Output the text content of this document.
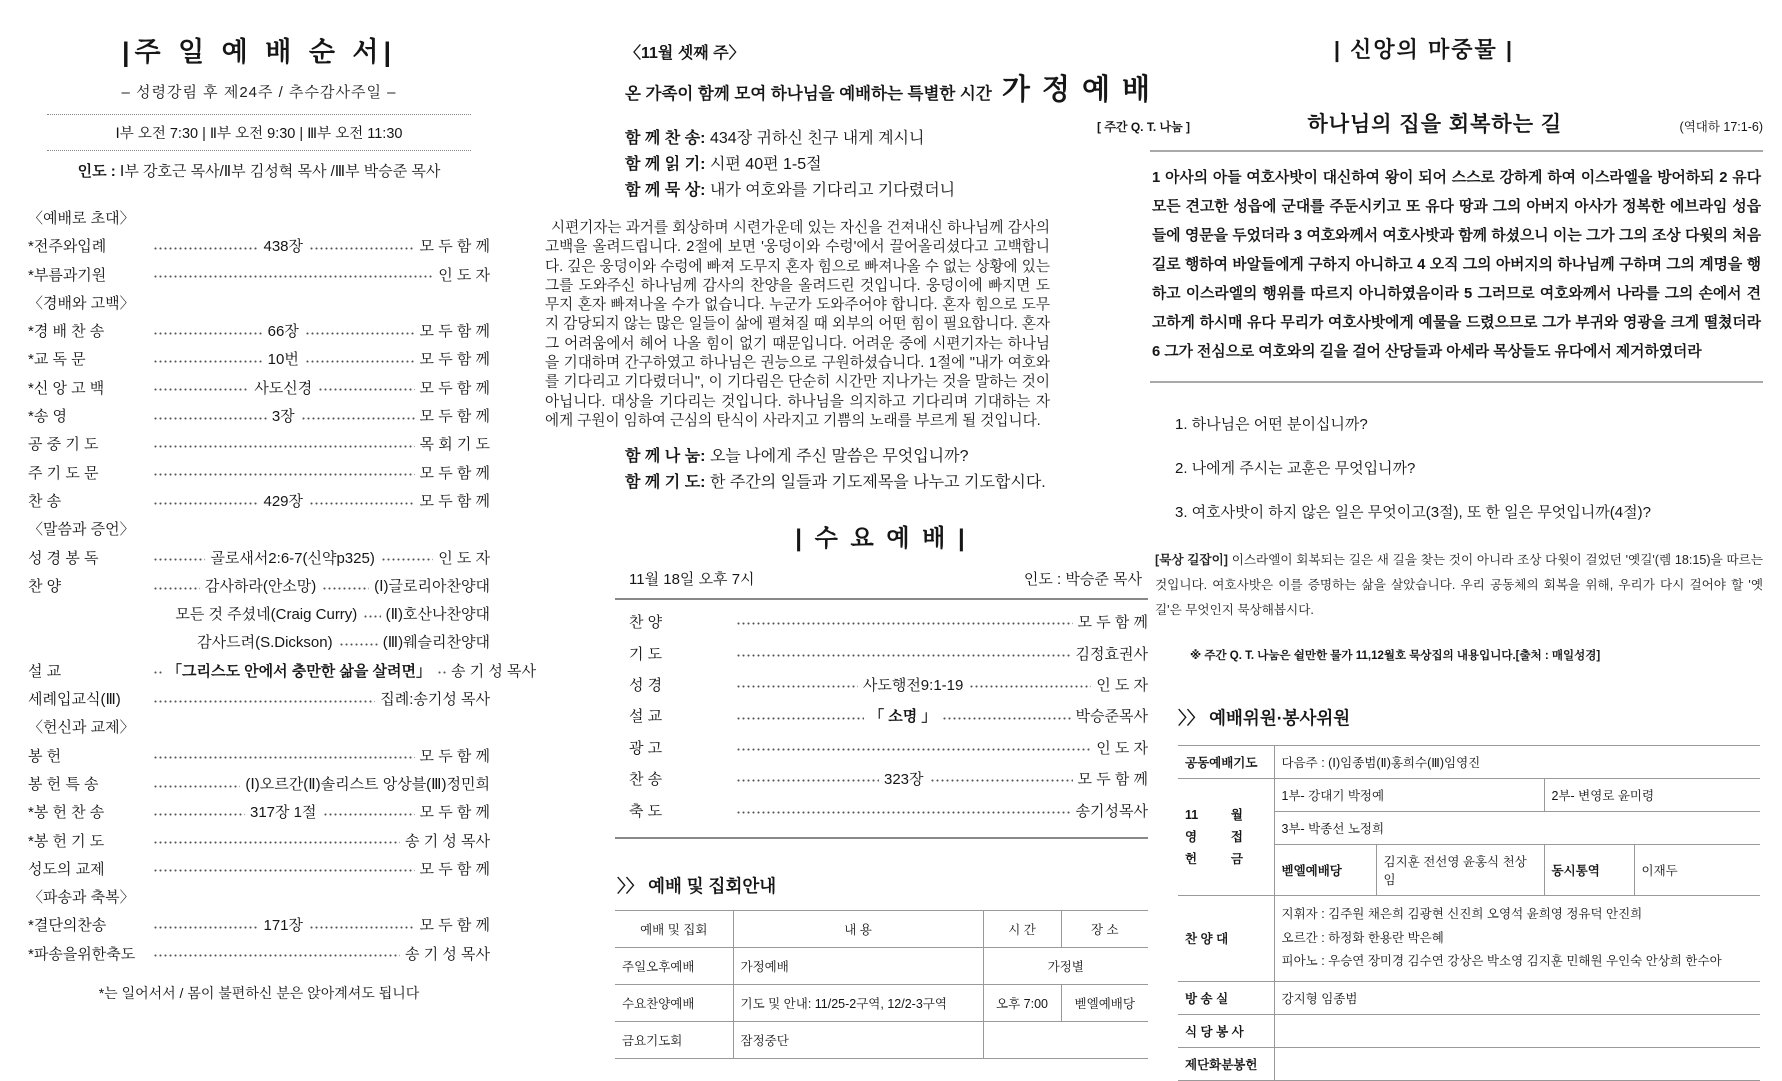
|주 일 예 배 순 서|
– 성령강림 후 제24주 / 추수감사주일 –
Ⅰ부 오전 7:30 | Ⅱ부 오전 9:30 | Ⅲ부 오전 11:30
인도 : Ⅰ부 강호근 목사/Ⅱ부 김성혁 목사 /Ⅲ부 박승준 목사
〈예배로 초대〉
*전주와입례	438장	모 두 함 께
*부름과기원	인 도 자
〈경배와 고백〉
*경 배 찬 송	66장	모 두 함 께
*교 독 문	10번	모 두 함 께
*신 앙 고 백	사도신경	모 두 함 께
*송 영	3장	모 두 함 께
공 중 기 도	목 회 기 도
주 기 도 문	모 두 함 께
찬 송	429장	모 두 함 께
〈말씀과 증언〉
성 경 봉 독	골로새서2:6-7(신약p325)	인 도 자
찬 양	감사하라(안소망)	(Ⅰ)글로리아찬양대
모든 것 주셨네(Craig Curry) (Ⅱ)호산나찬양대
감사드려(S.Dickson)	(Ⅲ)웨슬리찬양대
설 교	「그리스도 안에서 충만한 삶을 살려면」 송 기 성 목사
세례입교식(Ⅲ)	집례:송기성 목사
〈헌신과 교제〉
봉 헌	모 두 함 께
봉 헌 특 송	(Ⅰ)오르간(Ⅱ)솔리스트 앙상블(Ⅲ)정민희
*봉 헌 찬 송	317장 1절	모 두 함 께
*봉 헌 기 도	송 기 성 목사
성도의 교제	모 두 함 께
〈파송과 축복〉
*결단의찬송	171장	모 두 함 께
*파송을위한축도	송 기 성 목사
*는 일어서서 / 몸이 불편하신 분은 앉아계셔도 됩니다
〈11월 셋째 주〉
온 가족이 함께 모여 하나님을 예배하는 특별한 시간 가 정 예 배
함 께 찬 송: 434장 귀하신 친구 내게 계시니
함 께 읽 기: 시편 40편 1-5절
함 께 묵 상: 내가 여호와를 기다리고 기다렸더니
시편기자는 과거를 회상하며 시련가운데 있는 자신을 건져내신 하나님께 감사의 고백을 올려드립니다. 2절에 보면 '웅덩이와 수렁'에서 끌어올리셨다고 고백합니다. 깊은 웅덩이와 수렁에 빠져 도무지 혼자 힘으로 빠져나올 수 없는 상황에 있는 그를 도와주신 하나님께 감사의 찬양을 올려드린 것입니다. 웅덩이에 빠지면 도무지 혼자 빠져나올 수가 없습니다. 누군가 도와주어야 합니다. 혼자 힘으로 도무지 감당되지 않는 많은 일들이 삶에 펼쳐질 때 외부의 어떤 힘이 필요합니다. 혼자 그 어려움에서 헤어 나올 힘이 없기 때문입니다. 어려운 중에 시편기자는 하나님을 기대하며 간구하였고 하나님은 권능으로 구원하셨습니다. 1절에 "내가 여호와를 기다리고 기다렸더니", 이 기다림은 단순히 시간만 지나가는 것을 말하는 것이 아닙니다. 대상을 기다리는 것입니다. 하나님을 의지하고 기다리며 기대하는 자에게 구원이 임하여 근심의 탄식이 사라지고 기쁨의 노래를 부르게 될 것입니다.
함 께 나 눔: 오늘 나에게 주신 말씀은 무엇입니까?
함 께 기 도: 한 주간의 일들과 기도제목을 나누고 기도합시다.
| 수 요 예 배 |
11월 18일 오후 7시	인도 : 박승준 목사
찬 양	모 두 함 께
기 도	김정효권사
성 경	사도행전9:1-19	인 도 자
설 교	「 소명 」	박승준목사
광 고	인 도 자
찬 송	323장	모 두 함 께
축 도	송기성목사
〉〉 예배 및 집회안내
예배 및 집회	내 용	시 간	장 소
주일오후예배	가정예배	가정별	
수요찬양예배	기도 및 안내: 11/25-2구역, 12/2-3구역	오후 7:00	벧엘예배당
금요기도회	잠정중단		
| 신앙의 마중물 |
[ 주간 Q. T. 나눔 ]	하나님의 집을 회복하는 길	(역대하 17:1-6)
1 아사의 아들 여호사밧이 대신하여 왕이 되어 스스로 강하게 하여 이스라엘을 방어하되 2 유다 모든 견고한 성읍에 군대를 주둔시키고 또 유다 땅과 그의 아버지 아사가 정복한 에브라임 성읍들에 영문을 두었더라 3 여호와께서 여호사밧과 함께 하셨으니 이는 그가 그의 조상 다윗의 처음 길로 행하여 바알들에게 구하지 아니하고 4 오직 그의 아버지의 하나님께 구하며 그의 계명을 행하고 이스라엘의 행위를 따르지 아니하였음이라 5 그러므로 여호와께서 나라를 그의 손에서 견고하게 하시매 유다 무리가 여호사밧에게 예물을 드렸으므로 그가 부귀와 영광을 크게 떨쳤더라 6 그가 전심으로 여호와의 길을 걸어 산당들과 아세라 목상들도 유다에서 제거하였더라
1. 하나님은 어떤 분이십니까?
2. 나에게 주시는 교훈은 무엇입니까?
3. 여호사밧이 하지 않은 일은 무엇이고(3절), 또 한 일은 무엇입니까(4절)?
[묵상 길잡이] 이스라엘이 회복되는 길은 새 길을 찾는 것이 아니라 조상 다윗이 걸었던 '옛길'(렘 18:15)을 따르는 것입니다. 여호사밧은 이를 증명하는 삶을 살았습니다. 우리 공동체의 회복을 위해, 우리가 다시 걸어야 할 '옛길'은 무엇인지 묵상해봅시다.
※ 주간 Q. T. 나눔은 쉴만한 물가 11,12월호 묵상집의 내용입니다.[출처 : 매일성경]
〉〉 예배위원·봉사위원
공동예배기도	다음주 : (Ⅰ)임종범(Ⅱ)홍희수(Ⅲ)임영진			

11 월
영 접
헌 금	1부- 강대기 박정예		2부- 변영로 윤미령	
	3부- 박종선 노정희			
	벧엘예배당	김지훈 전선영 윤홍식 천상임	동시통역	이재두
찬 양 대	지휘자 : 김주원 채은희 김광현 신진희 오영석 윤희영 정유덕 안진희
오르간 : 하정화 한용란 박은혜
피아노 : 우승연 장미경 김수연 강상은 박소영 김지훈 민해원 우인숙 안상희 한수아			

방 송 실	강지형 임종범			
식 당 봉 사				
제단화분봉헌				
